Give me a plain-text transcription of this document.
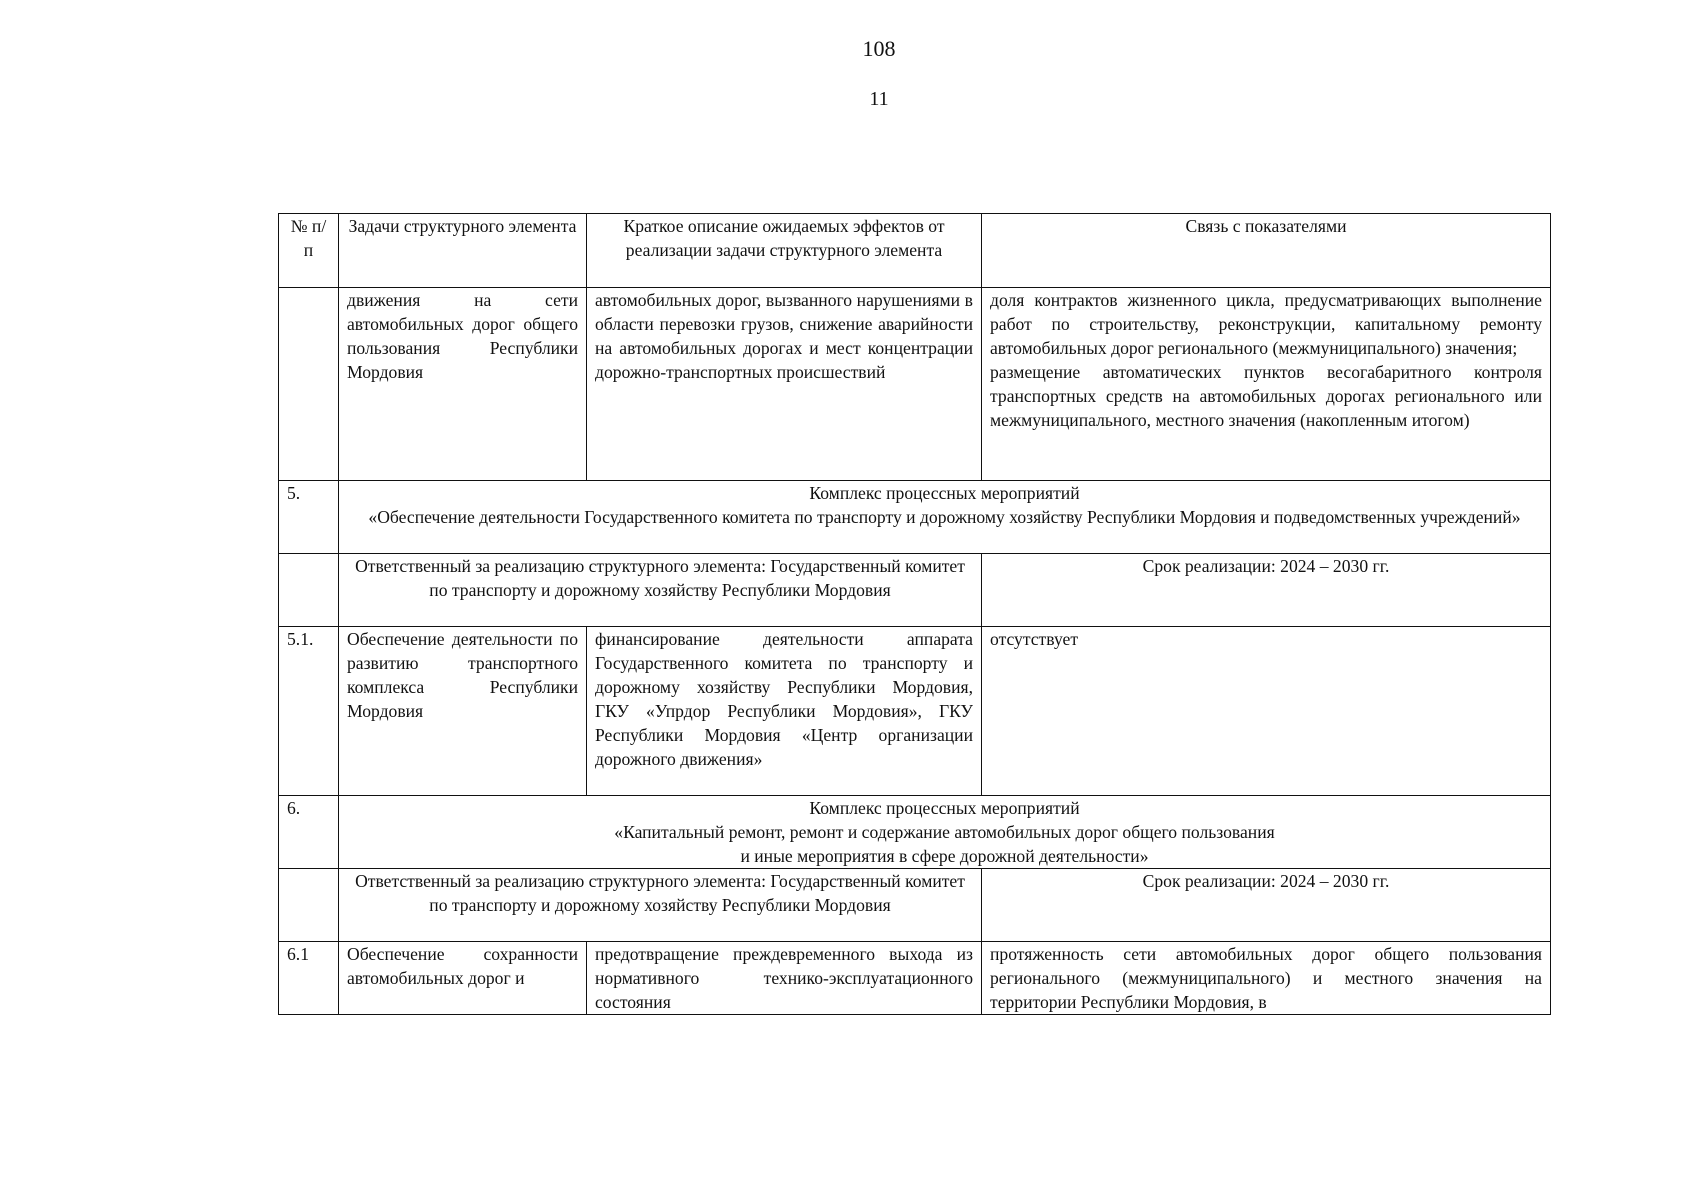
108
11
№ п/п	Задачи структурного элемента	Краткое описание ожидаемых эффектов от реализации задачи структурного элемента	Связь с показателями
	движения на сети автомобильных дорог общего пользования Республики Мордовия	автомобильных дорог, вызванного нарушениями в области перевозки грузов, снижение аварийности на автомобильных дорогах и мест концентрации дорожно-транспортных происшествий	доля контрактов жизненного цикла, предусматривающих выполнение работ по строительству, реконструкции, капитальному ремонту автомобильных дорог регионального (межмуниципального) значения;
размещение автоматических пунктов весогабаритного контроля транспортных средств на автомобильных дорогах регионального или межмуниципального, местного значения (накопленным итогом)

5.	Комплекс процессных мероприятий
«Обеспечение деятельности Государственного комитета по транспорту и дорожному хозяйству Республики Мордовия и подведомственных учреждений»		

	Ответственный за реализацию структурного элемента: Государственный комитет по транспорту и дорожному хозяйству Республики Мордовия		Срок реализации: 2024 – 2030 гг.
5.1.	Обеспечение деятельности по развитию транспортного комплекса Республики Мордовия	финансирование деятельности аппарата Государственного комитета по транспорту и дорожному хозяйству Республики Мордовия, ГКУ «Упрдор Республики Мордовия», ГКУ Республики Мордовия «Центр организации дорожного движения»	отсутствует
6.	Комплекс процессных мероприятий
«Капитальный ремонт, ремонт и содержание автомобильных дорог общего пользования
и иные мероприятия в сфере дорожной деятельности»		

	Ответственный за реализацию структурного элемента: Государственный комитет по транспорту и дорожному хозяйству Республики Мордовия		Срок реализации: 2024 – 2030 гг.
6.1	Обеспечение сохранности автомобильных дорог и	предотвращение преждевременного выхода из нормативного технико-эксплуатационного состояния	протяженность сети автомобильных дорог общего пользования регионального (межмуниципального) и местного значения на территории Республики Мордовия, в
